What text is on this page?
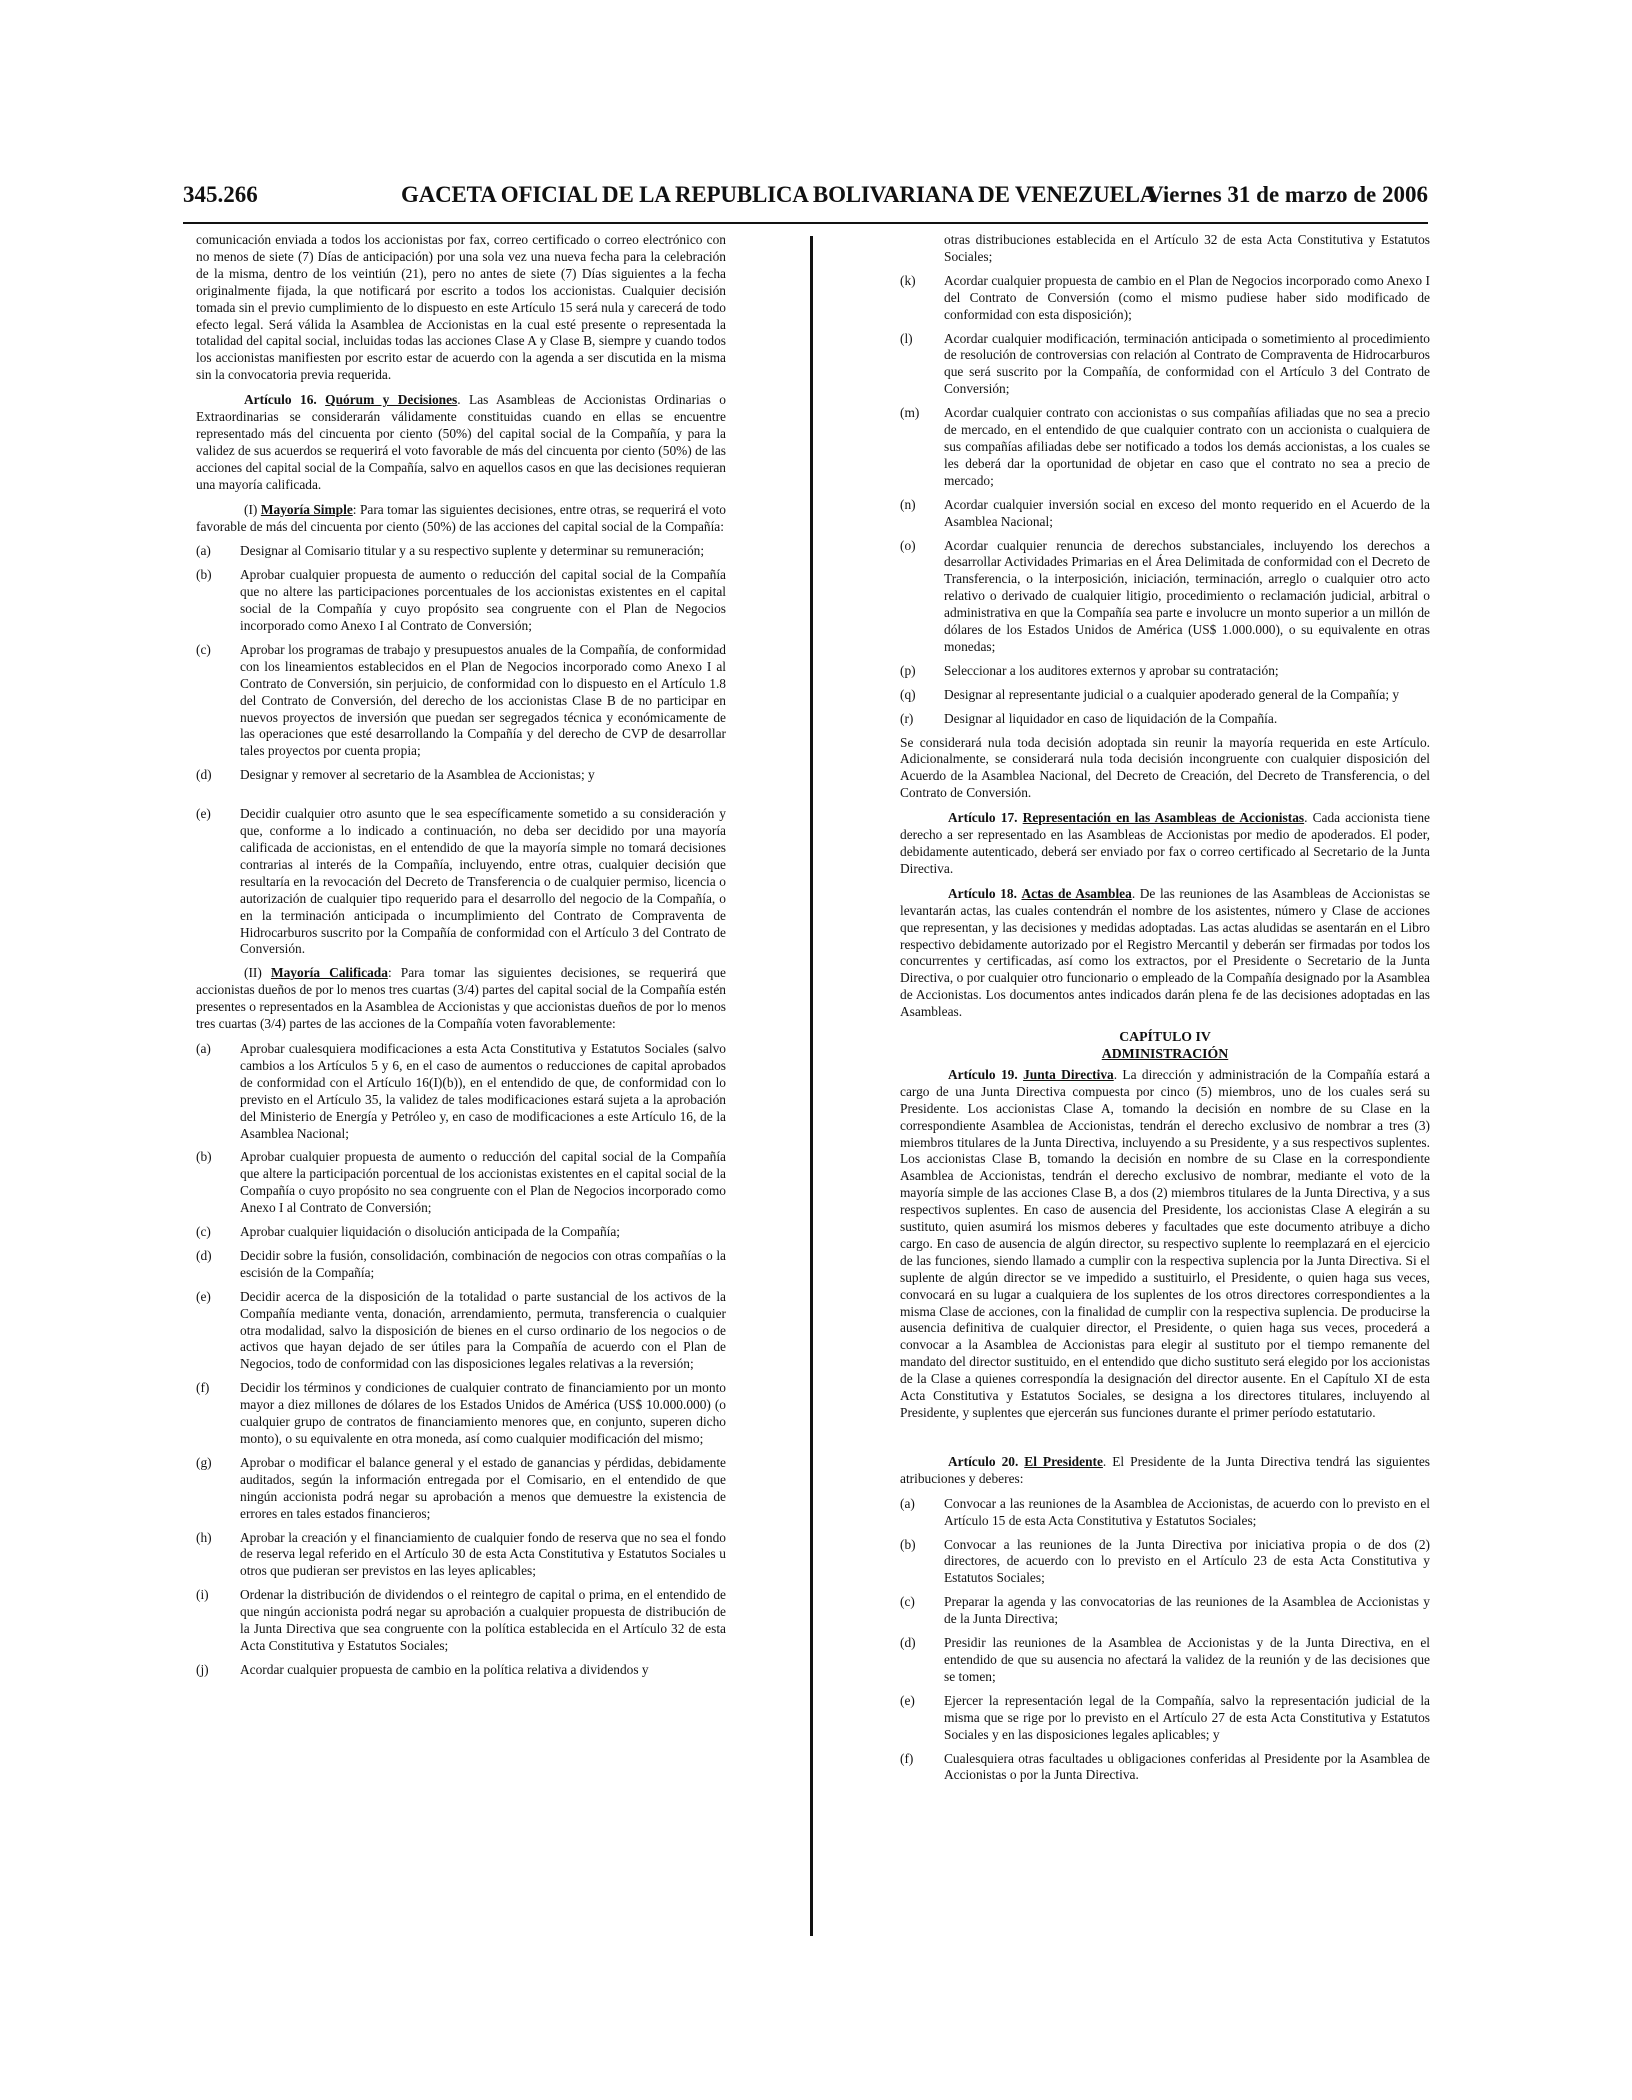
345.266	GACETA OFICIAL DE LA REPUBLICA BOLIVARIANA DE VENEZUELA
Viernes 31 de marzo de 2006

comunicación enviada a todos los accionistas por fax, correo certificado o correo electrónico con no menos de siete (7) Días de anticipación) por una sola vez una nueva fecha para la celebración de la misma, dentro de los veintiún (21), pero no antes de siete (7) Días siguientes a la fecha originalmente fijada, la que notificará por escrito a todos los accionistas. Cualquier decisión tomada sin el previo cumplimiento de lo dispuesto en este Artículo 15 será nula y carecerá de todo efecto legal. Será válida la Asamblea de Accionistas en la cual esté presente o representada la totalidad del capital social, incluidas todas las acciones Clase A y Clase B, siempre y cuando todos los accionistas manifiesten por escrito estar de acuerdo con la agenda a ser discutida en la misma sin la convocatoria previa requerida.

Artículo 16. Quórum y Decisiones. Las Asambleas de Accionistas Ordinarias o Extraordinarias se considerarán válidamente constituidas cuando en ellas se encuentre representado más del cincuenta por ciento (50%) del capital social de la Compañía, y para la validez de sus acuerdos se requerirá el voto favorable de más del cincuenta por ciento (50%) de las acciones del capital social de la Compañía, salvo en aquellos casos en que las decisiones requieran una mayoría calificada.

(I) Mayoría Simple: Para tomar las siguientes decisiones, entre otras, se requerirá el voto favorable de más del cincuenta por ciento (50%) de las acciones del capital social de la Compañía:

(a)	Designar al Comisario titular y a su respectivo suplente y determinar su remuneración;
(b)	Aprobar cualquier propuesta de aumento o reducción del capital social de la Compañía que no altere las participaciones porcentuales de los accionistas existentes en el capital social de la Compañía y cuyo propósito sea congruente con el Plan de Negocios incorporado como Anexo I al Contrato de Conversión;
(c)	Aprobar los programas de trabajo y presupuestos anuales de la Compañía, de conformidad con los lineamientos establecidos en el Plan de Negocios incorporado como Anexo I al Contrato de Conversión, sin perjuicio, de conformidad con lo dispuesto en el Artículo 1.8 del Contrato de Conversión, del derecho de los accionistas Clase B de no participar en nuevos proyectos de inversión que puedan ser segregados técnica y económicamente de las operaciones que esté desarrollando la Compañía y del derecho de CVP de desarrollar tales proyectos por cuenta propia;
(d)	Designar y remover al secretario de la Asamblea de Accionistas; y
(e)	Decidir cualquier otro asunto que le sea específicamente sometido a su consideración y que, conforme a lo indicado a continuación, no deba ser decidido por una mayoría calificada de accionistas, en el entendido de que la mayoría simple no tomará decisiones contrarias al interés de la Compañía, incluyendo, entre otras, cualquier decisión que resultaría en la revocación del Decreto de Transferencia o de cualquier permiso, licencia o autorización de cualquier tipo requerido para el desarrollo del negocio de la Compañía, o en la terminación anticipada o incumplimiento del Contrato de Compraventa de Hidrocarburos suscrito por la Compañía de conformidad con el Artículo 3 del Contrato de Conversión.

(II) Mayoría Calificada: Para tomar las siguientes decisiones, se requerirá que accionistas dueños de por lo menos tres cuartas (3/4) partes del capital social de la Compañía estén presentes o representados en la Asamblea de Accionistas y que accionistas dueños de por lo menos tres cuartas (3/4) partes de las acciones de la Compañía voten favorablemente:

(a)	Aprobar cualesquiera modificaciones a esta Acta Constitutiva y Estatutos Sociales (salvo cambios a los Artículos 5 y 6, en el caso de aumentos o reducciones de capital aprobados de conformidad con el Artículo 16(I)(b)), en el entendido de que, de conformidad con lo previsto en el Artículo 35, la validez de tales modificaciones estará sujeta a la aprobación del Ministerio de Energía y Petróleo y, en caso de modificaciones a este Artículo 16, de la Asamblea Nacional;
(b)	Aprobar cualquier propuesta de aumento o reducción del capital social de la Compañía que altere la participación porcentual de los accionistas existentes en el capital social de la Compañía o cuyo propósito no sea congruente con el Plan de Negocios incorporado como Anexo I al Contrato de Conversión;
(c)	Aprobar cualquier liquidación o disolución anticipada de la Compañía;
(d)	Decidir sobre la fusión, consolidación, combinación de negocios con otras compañías o la escisión de la Compañía;
(e)	Decidir acerca de la disposición de la totalidad o parte sustancial de los activos de la Compañía mediante venta, donación, arrendamiento, permuta, transferencia o cualquier otra modalidad, salvo la disposición de bienes en el curso ordinario de los negocios o de activos que hayan dejado de ser útiles para la Compañía de acuerdo con el Plan de Negocios, todo de conformidad con las disposiciones legales relativas a la reversión;
(f)	Decidir los términos y condiciones de cualquier contrato de financiamiento por un monto mayor a diez millones de dólares de los Estados Unidos de América (US$ 10.000.000) (o cualquier grupo de contratos de financiamiento menores que, en conjunto, superen dicho monto), o su equivalente en otra moneda, así como cualquier modificación del mismo;
(g)	Aprobar o modificar el balance general y el estado de ganancias y pérdidas, debidamente auditados, según la información entregada por el Comisario, en el entendido de que ningún accionista podrá negar su aprobación a menos que demuestre la existencia de errores en tales estados financieros;
(h)	Aprobar la creación y el financiamiento de cualquier fondo de reserva que no sea el fondo de reserva legal referido en el Artículo 30 de esta Acta Constitutiva y Estatutos Sociales u otros que pudieran ser previstos en las leyes aplicables;
(i)	Ordenar la distribución de dividendos o el reintegro de capital o prima, en el entendido de que ningún accionista podrá negar su aprobación a cualquier propuesta de distribución de la Junta Directiva que sea congruente con la política establecida en el Artículo 32 de esta Acta Constitutiva y Estatutos Sociales;
(j)	Acordar cualquier propuesta de cambio en la política relativa a dividendos y
otras distribuciones establecida en el Artículo 32 de esta Acta Constitutiva y Estatutos Sociales;
(k)	Acordar cualquier propuesta de cambio en el Plan de Negocios incorporado como Anexo I del Contrato de Conversión (como el mismo pudiese haber sido modificado de conformidad con esta disposición);
(l)	Acordar cualquier modificación, terminación anticipada o sometimiento al procedimiento de resolución de controversias con relación al Contrato de Compraventa de Hidrocarburos que será suscrito por la Compañía, de conformidad con el Artículo 3 del Contrato de Conversión;
(m)	Acordar cualquier contrato con accionistas o sus compañías afiliadas que no sea a precio de mercado, en el entendido de que cualquier contrato con un accionista o cualquiera de sus compañías afiliadas debe ser notificado a todos los demás accionistas, a los cuales se les deberá dar la oportunidad de objetar en caso que el contrato no sea a precio de mercado;
(n)	Acordar cualquier inversión social en exceso del monto requerido en el Acuerdo de la Asamblea Nacional;
(o)	Acordar cualquier renuncia de derechos substanciales, incluyendo los derechos a desarrollar Actividades Primarias en el Área Delimitada de conformidad con el Decreto de Transferencia, o la interposición, iniciación, terminación, arreglo o cualquier otro acto relativo o derivado de cualquier litigio, procedimiento o reclamación judicial, arbitral o administrativa en que la Compañía sea parte e involucre un monto superior a un millón de dólares de los Estados Unidos de América (US$ 1.000.000), o su equivalente en otras monedas;
(p)	Seleccionar a los auditores externos y aprobar su contratación;
(q)	Designar al representante judicial o a cualquier apoderado general de la Compañía; y
(r)	Designar al liquidador en caso de liquidación de la Compañía.

Se considerará nula toda decisión adoptada sin reunir la mayoría requerida en este Artículo. Adicionalmente, se considerará nula toda decisión incongruente con cualquier disposición del Acuerdo de la Asamblea Nacional, del Decreto de Creación, del Decreto de Transferencia, o del Contrato de Conversión.

Artículo 17. Representación en las Asambleas de Accionistas. Cada accionista tiene derecho a ser representado en las Asambleas de Accionistas por medio de apoderados. El poder, debidamente autenticado, deberá ser enviado por fax o correo certificado al Secretario de la Junta Directiva.

Artículo 18. Actas de Asamblea. De las reuniones de las Asambleas de Accionistas se levantarán actas, las cuales contendrán el nombre de los asistentes, número y Clase de acciones que representan, y las decisiones y medidas adoptadas. Las actas aludidas se asentarán en el Libro respectivo debidamente autorizado por el Registro Mercantil y deberán ser firmadas por todos los concurrentes y certificadas, así como los extractos, por el Presidente o Secretario de la Junta Directiva, o por cualquier otro funcionario o empleado de la Compañía designado por la Asamblea de Accionistas. Los documentos antes indicados darán plena fe de las decisiones adoptadas en las Asambleas.

CAPÍTULO IV
ADMINISTRACIÓN

Artículo 19. Junta Directiva. La dirección y administración de la Compañía estará a cargo de una Junta Directiva compuesta por cinco (5) miembros, uno de los cuales será su Presidente. Los accionistas Clase A, tomando la decisión en nombre de su Clase en la correspondiente Asamblea de Accionistas, tendrán el derecho exclusivo de nombrar a tres (3) miembros titulares de la Junta Directiva, incluyendo a su Presidente, y a sus respectivos suplentes. Los accionistas Clase B, tomando la decisión en nombre de su Clase en la correspondiente Asamblea de Accionistas, tendrán el derecho exclusivo de nombrar, mediante el voto de la mayoría simple de las acciones Clase B, a dos (2) miembros titulares de la Junta Directiva, y a sus respectivos suplentes. En caso de ausencia del Presidente, los accionistas Clase A elegirán a su sustituto, quien asumirá los mismos deberes y facultades que este documento atribuye a dicho cargo. En caso de ausencia de algún director, su respectivo suplente lo reemplazará en el ejercicio de las funciones, siendo llamado a cumplir con la respectiva suplencia por la Junta Directiva. Si el suplente de algún director se ve impedido a sustituirlo, el Presidente, o quien haga sus veces, convocará en su lugar a cualquiera de los suplentes de los otros directores correspondientes a la misma Clase de acciones, con la finalidad de cumplir con la respectiva suplencia. De producirse la ausencia definitiva de cualquier director, el Presidente, o quien haga sus veces, procederá a convocar a la Asamblea de Accionistas para elegir al sustituto por el tiempo remanente del mandato del director sustituido, en el entendido que dicho sustituto será elegido por los accionistas de la Clase a quienes correspondía la designación del director ausente. En el Capítulo XI de esta Acta Constitutiva y Estatutos Sociales, se designa a los directores titulares, incluyendo al Presidente, y suplentes que ejercerán sus funciones durante el primer período estatutario.

Artículo 20. El Presidente. El Presidente de la Junta Directiva tendrá las siguientes atribuciones y deberes:

(a)	Convocar a las reuniones de la Asamblea de Accionistas, de acuerdo con lo previsto en el Artículo 15 de esta Acta Constitutiva y Estatutos Sociales;
(b)	Convocar a las reuniones de la Junta Directiva por iniciativa propia o de dos (2) directores, de acuerdo con lo previsto en el Artículo 23 de esta Acta Constitutiva y Estatutos Sociales;
(c)	Preparar la agenda y las convocatorias de las reuniones de la Asamblea de Accionistas y de la Junta Directiva;
(d)	Presidir las reuniones de la Asamblea de Accionistas y de la Junta Directiva, en el entendido de que su ausencia no afectará la validez de la reunión y de las decisiones que se tomen;
(e)	Ejercer la representación legal de la Compañía, salvo la representación judicial de la misma que se rige por lo previsto en el Artículo 27 de esta Acta Constitutiva y Estatutos Sociales y en las disposiciones legales aplicables; y
(f)	Cualesquiera otras facultades u obligaciones conferidas al Presidente por la Asamblea de Accionistas o por la Junta Directiva.
